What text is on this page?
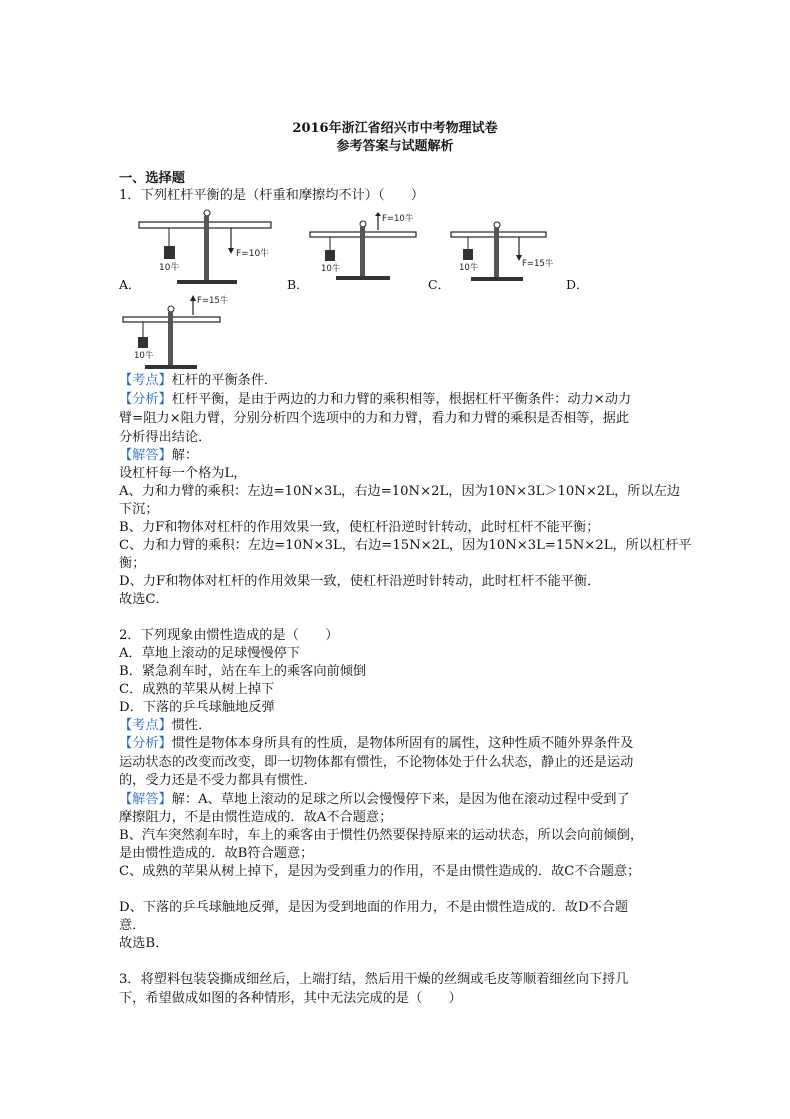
2016年浙江省绍兴市中考物理试卷
参考答案与试题解析
一、选择题
1．下列杠杆平衡的是（杆重和摩擦均不计）（　　）
10牛
F=10牛
10牛
F=10牛
10牛	F=15牛
A．	B．	C．	D．
10牛
F=15牛
【考点】杠杆的平衡条件．
【分析】杠杆平衡，是由于两边的力和力臂的乘积相等，根据杠杆平衡条件：动力×动力
臂=阻力×阻力臂，分别分析四个选项中的力和力臂，看力和力臂的乘积是否相等，据此
分析得出结论．
【解答】解：
设杠杆每一个格为L，
A、力和力臂的乘积：左边=10N×3L，右边=10N×2L，因为10N×3L＞10N×2L，所以左边
下沉；
B、力F和物体对杠杆的作用效果一致，使杠杆沿逆时针转动，此时杠杆不能平衡；
C、力和力臂的乘积：左边=10N×3L，右边=15N×2L，因为10N×3L=15N×2L，所以杠杆平
衡；
D、力F和物体对杠杆的作用效果一致，使杠杆沿逆时针转动，此时杠杆不能平衡．
故选C．
2．下列现象由惯性造成的是（　　）
A．草地上滚动的足球慢慢停下
B．紧急刹车时，站在车上的乘客向前倾倒
C．成熟的苹果从树上掉下
D．下落的乒乓球触地反弹
【考点】惯性．
【分析】惯性是物体本身所具有的性质，是物体所固有的属性，这种性质不随外界条件及
运动状态的改变而改变，即一切物体都有惯性，不论物体处于什么状态，静止的还是运动
的，受力还是不受力都具有惯性．
【解答】解：A、草地上滚动的足球之所以会慢慢停下来，是因为他在滚动过程中受到了
摩擦阻力，不是由惯性造成的．故A不合题意；
B、汽车突然刹车时，车上的乘客由于惯性仍然要保持原来的运动状态，所以会向前倾倒，
是由惯性造成的．故B符合题意；
C、成熟的苹果从树上掉下，是因为受到重力的作用，不是由惯性造成的．故C不合题意；
D、下落的乒乓球触地反弹，是因为受到地面的作用力，不是由惯性造成的．故D不合题
意．
故选B．
3．将塑料包装袋撕成细丝后，上端打结，然后用干燥的丝绸或毛皮等顺着细丝向下捋几
下，希望做成如图的各种情形，其中无法完成的是（　　）
